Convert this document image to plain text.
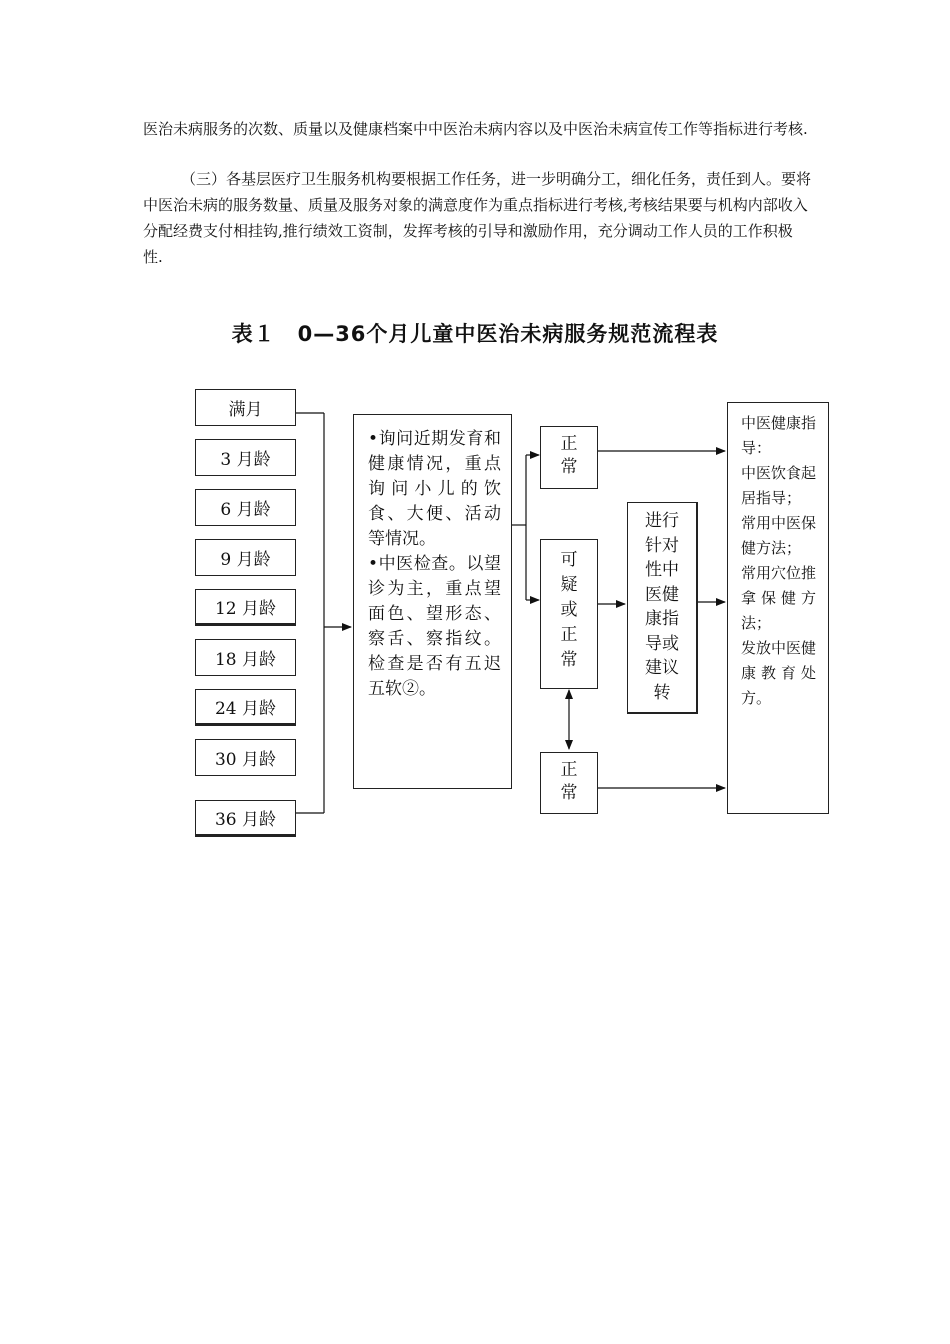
医治未病服务的次数、质量以及健康档案中中医治未病内容以及中医治未病宣传工作等指标进行考核.

（三）各基层医疗卫生服务机构要根据工作任务，进一步明确分工，细化任务，责任到人。要将中医治未病的服务数量、质量及服务对象的满意度作为重点指标进行考核,考核结果要与机构内部收入分配经费支付相挂钩,推行绩效工资制，发挥考核的引导和激励作用，充分调动工作人员的工作积极性.

表１　0—36个月儿童中医治未病服务规范流程表
满月
3 月龄
6 月龄
9 月龄
12 月龄
18 月龄
24 月龄
30 月龄
36 月龄
•询问近期发育和健康情况，重点询问小儿的饮食、大便、活动等情况。
•中医检查。以望诊为主，重点望面色、望形态、察舌、察指纹。检查是否有五迟五软②。
正
常
可
疑
或
正
常
正
常
进行
针对
性中
医健
康指
导或
建议
转
中医健康指导：
中医饮食起居指导；
常用中医保健方法；
常用穴位推拿保健方法；
发放中医健康教育处方。
